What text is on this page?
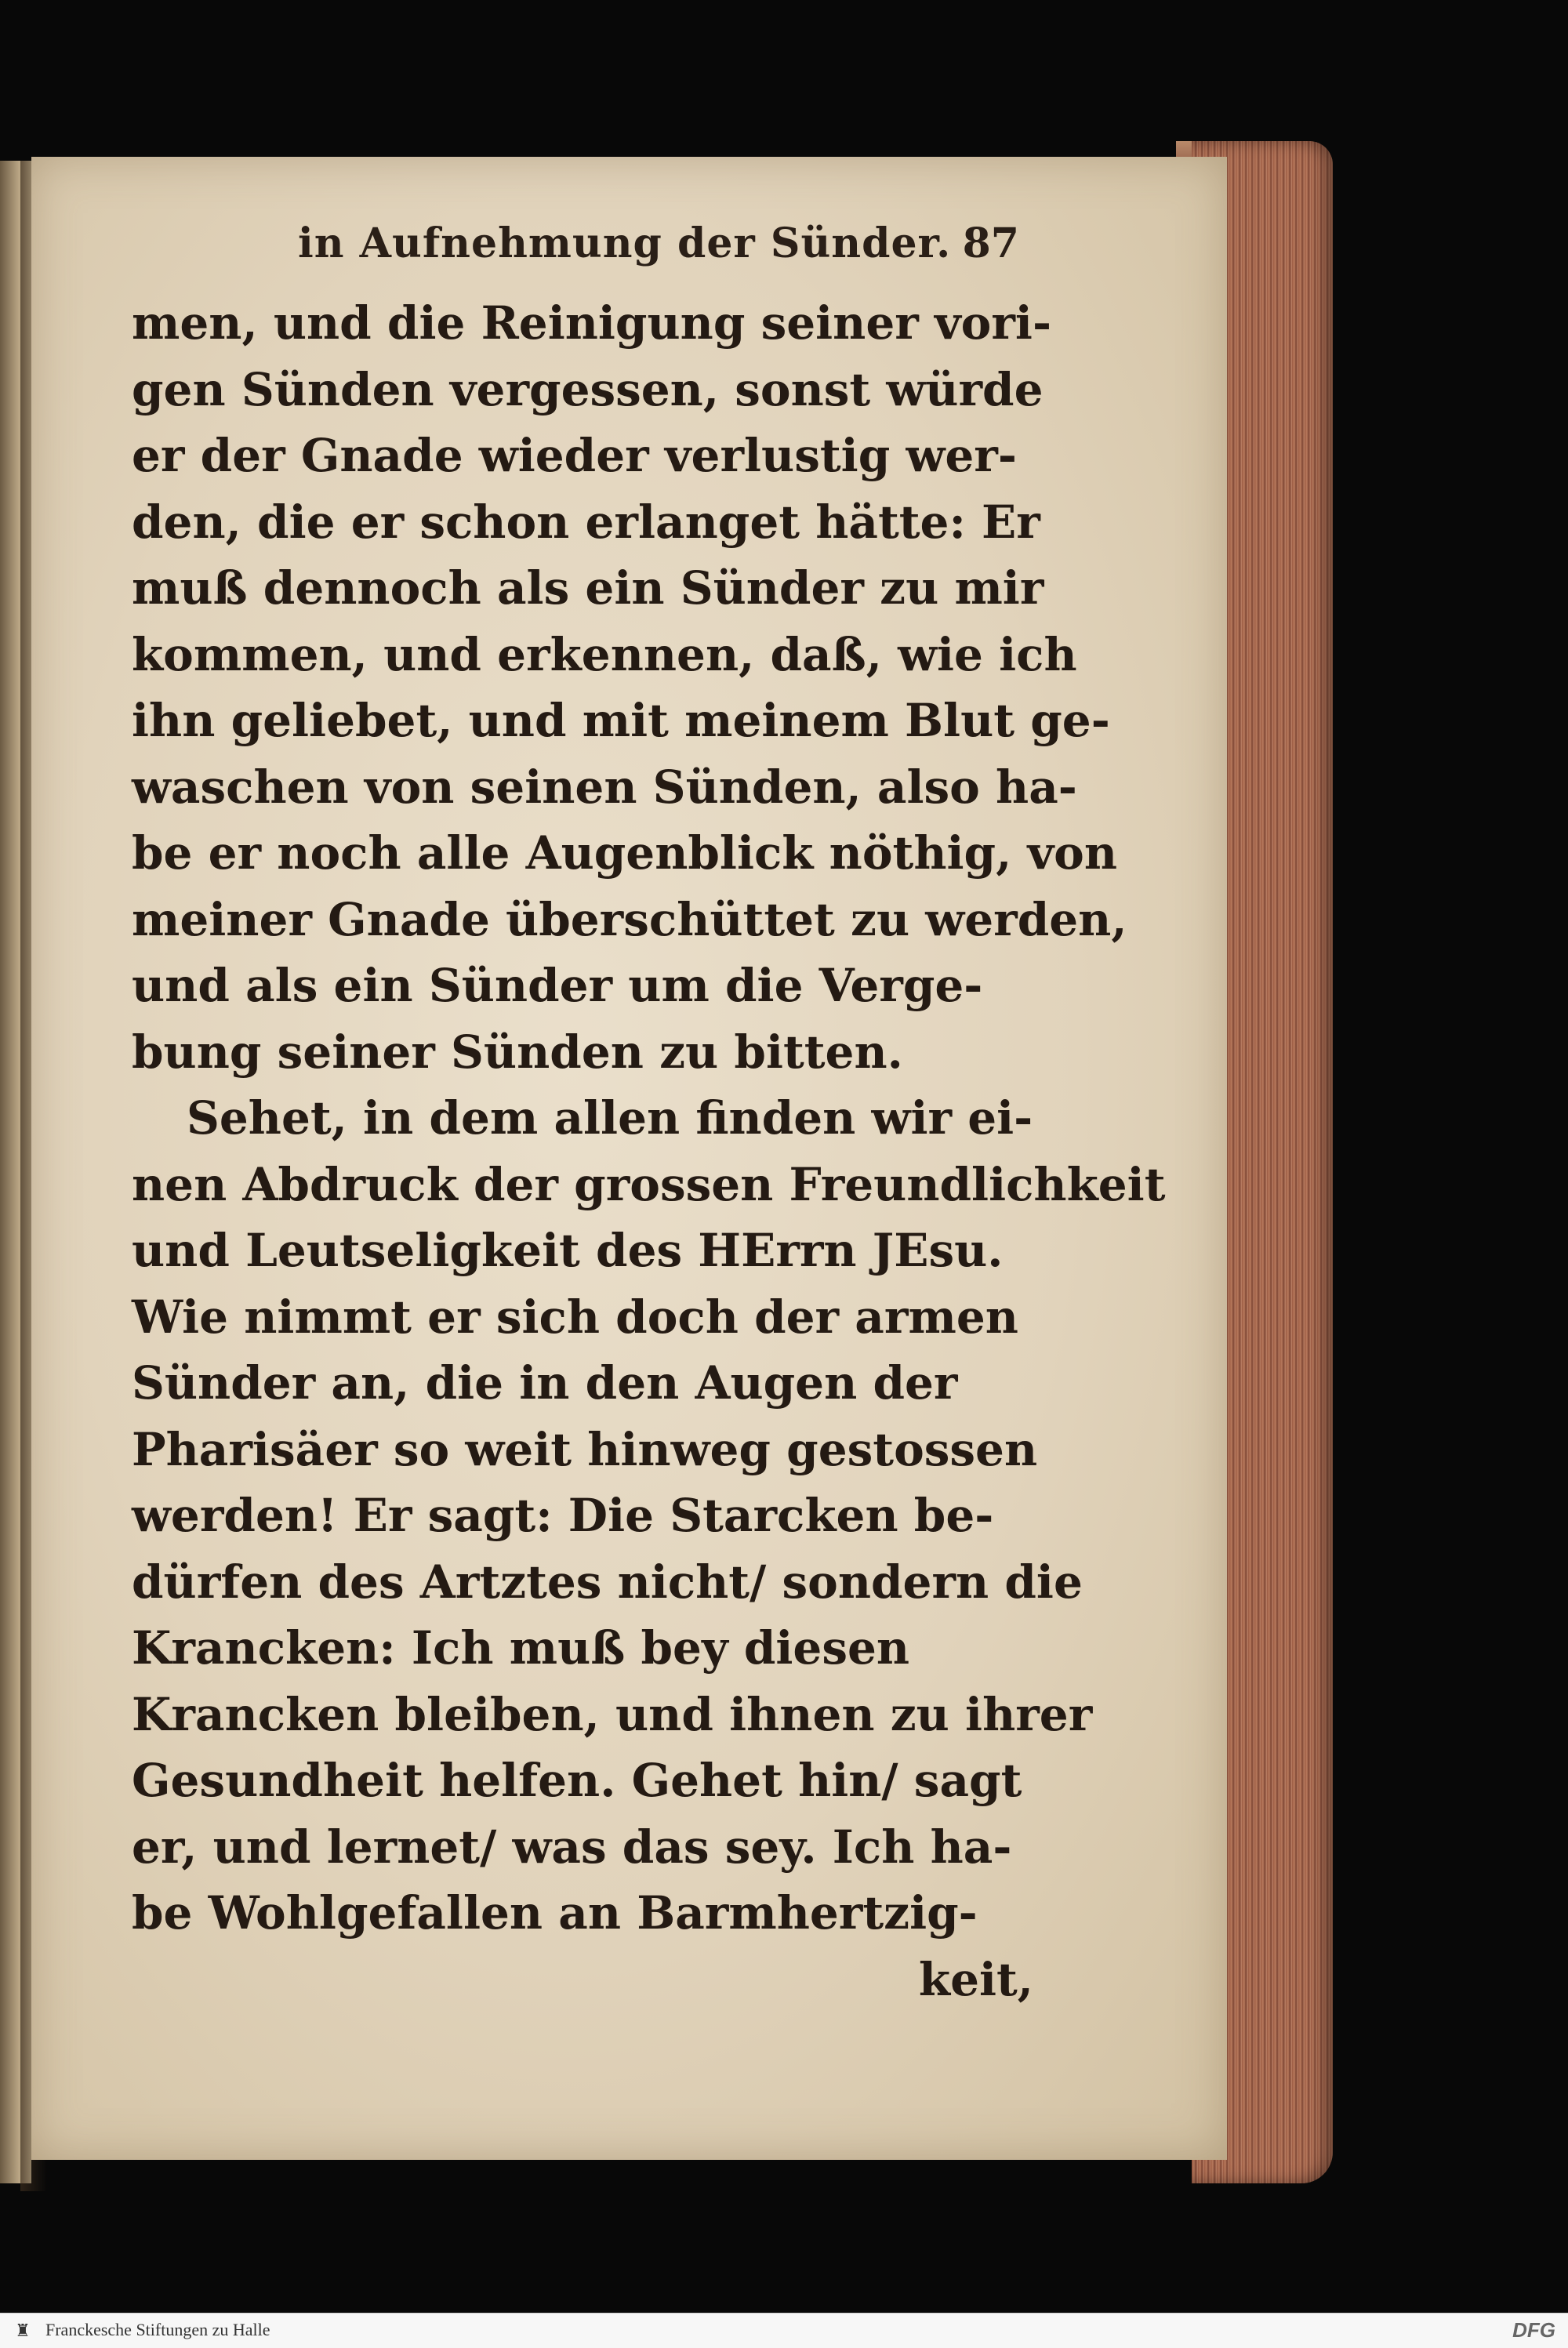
in Aufnehmung der Sünder. 87
men, und die Reinigung seiner vori-
gen Sünden vergessen, sonst würde
er der Gnade wieder verlustig wer-
den, die er schon erlanget hätte: Er
muß dennoch als ein Sünder zu mir
kommen, und erkennen, daß, wie ich
ihn geliebet, und mit meinem Blut ge-
waschen von seinen Sünden, also ha-
be er noch alle Augenblick nöthig, von
meiner Gnade überschüttet zu werden,
und als ein Sünder um die Verge-
bung seiner Sünden zu bitten.
Sehet, in dem allen finden wir ei-
nen Abdruck der grossen Freundlichkeit
und Leutseligkeit des HErrn JEsu.
Wie nimmt er sich doch der armen
Sünder an, die in den Augen der
Pharisäer so weit hinweg gestossen
werden! Er sagt: Die Starcken be-
dürfen des Artztes nicht/ sondern die
Krancken: Ich muß bey diesen
Krancken bleiben, und ihnen zu ihrer
Gesundheit helfen. Gehet hin/ sagt
er, und lernet/ was das sey. Ich ha-
be Wohlgefallen an Barmhertzig-
keit,
♜ Franckesche Stiftungen zu Halle	DFG
